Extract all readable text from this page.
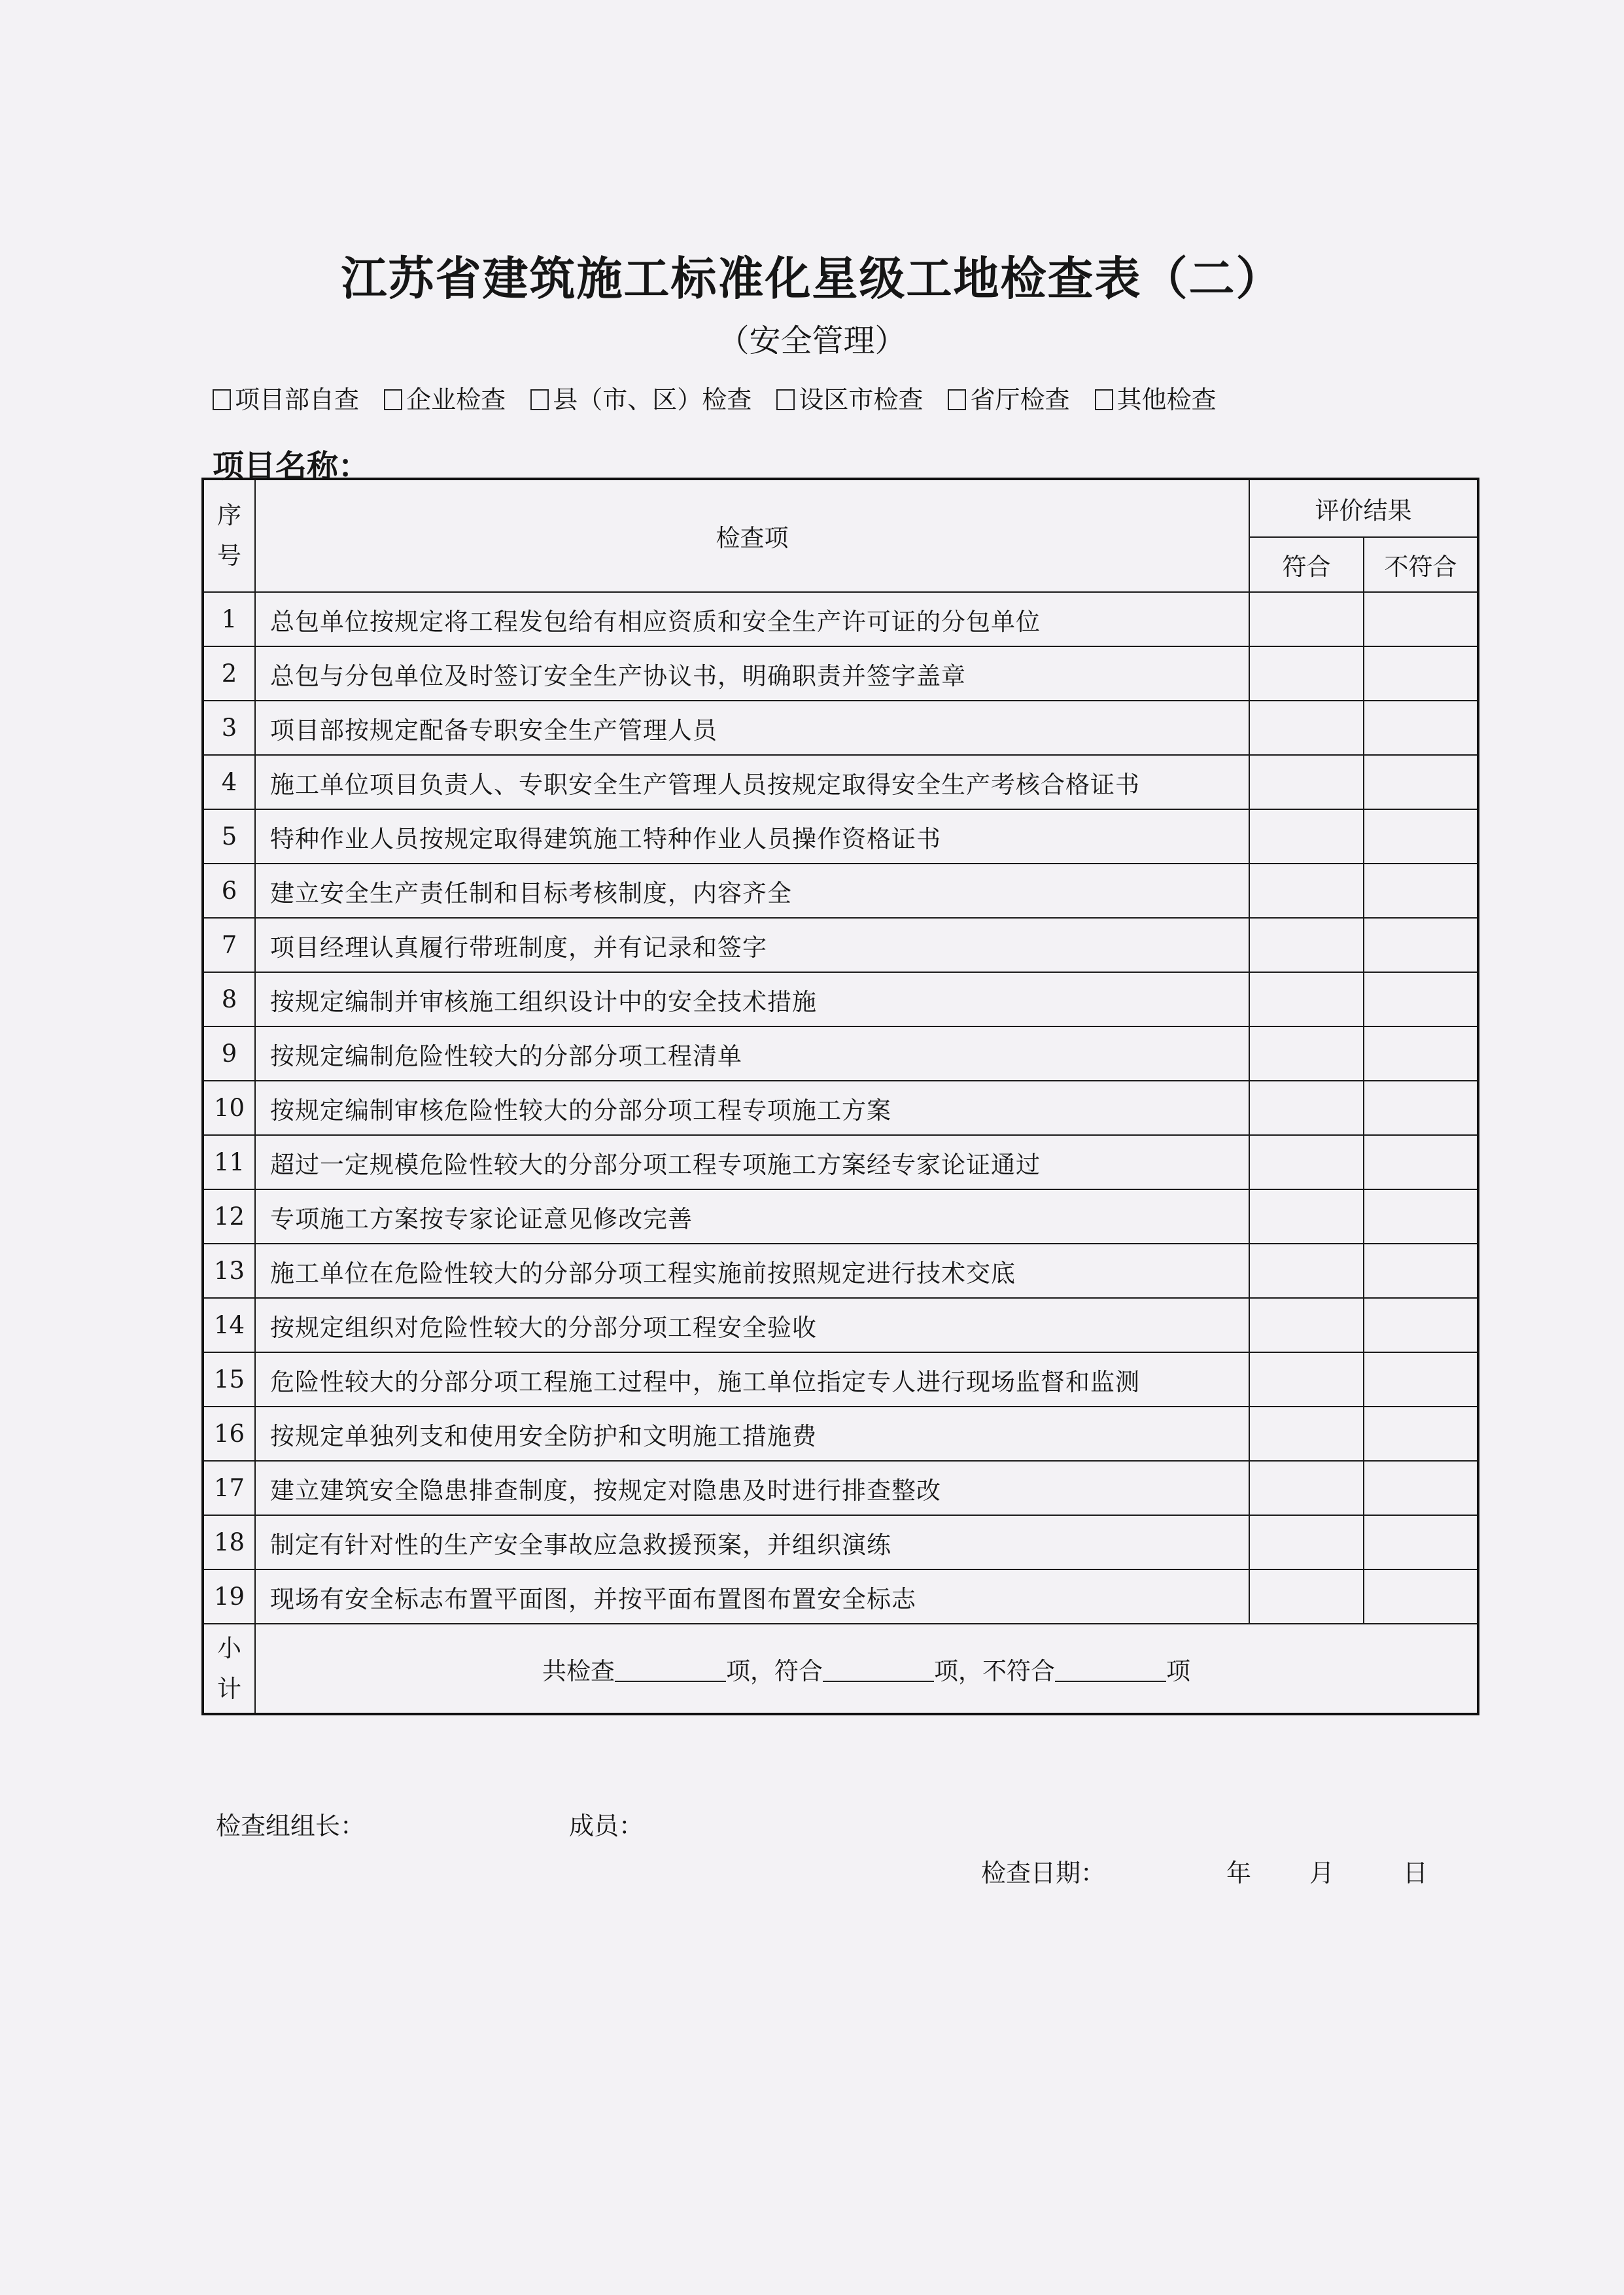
江苏省建筑施工标准化星级工地检查表（二）
（安全管理）
项目部自查 企业检查 县（市、区）检查 设区市检查 省厅检查 其他检查
项目名称：
序
号	检查项	评价结果	
		符合	不符合
1	总包单位按规定将工程发包给有相应资质和安全生产许可证的分包单位		
2	总包与分包单位及时签订安全生产协议书，明确职责并签字盖章		
3	项目部按规定配备专职安全生产管理人员		
4	施工单位项目负责人、专职安全生产管理人员按规定取得安全生产考核合格证书		
5	特种作业人员按规定取得建筑施工特种作业人员操作资格证书		
6	建立安全生产责任制和目标考核制度，内容齐全		
7	项目经理认真履行带班制度，并有记录和签字		
8	按规定编制并审核施工组织设计中的安全技术措施		
9	按规定编制危险性较大的分部分项工程清单		
10	按规定编制审核危险性较大的分部分项工程专项施工方案		
11	超过一定规模危险性较大的分部分项工程专项施工方案经专家论证通过		
12	专项施工方案按专家论证意见修改完善		
13	施工单位在危险性较大的分部分项工程实施前按照规定进行技术交底		
14	按规定组织对危险性较大的分部分项工程安全验收		
15	危险性较大的分部分项工程施工过程中，施工单位指定专人进行现场监督和监测		
16	按规定单独列支和使用安全防护和文明施工措施费		
17	建立建筑安全隐患排查制度，按规定对隐患及时进行排查整改		
18	制定有针对性的生产安全事故应急救援预案，并组织演练		
19	现场有安全标志布置平面图，并按平面布置图布置安全标志		

小
计	共检查 项，符合 项，不符合 项		
检查组组长：	成员：
检查日期：	年 月	日
